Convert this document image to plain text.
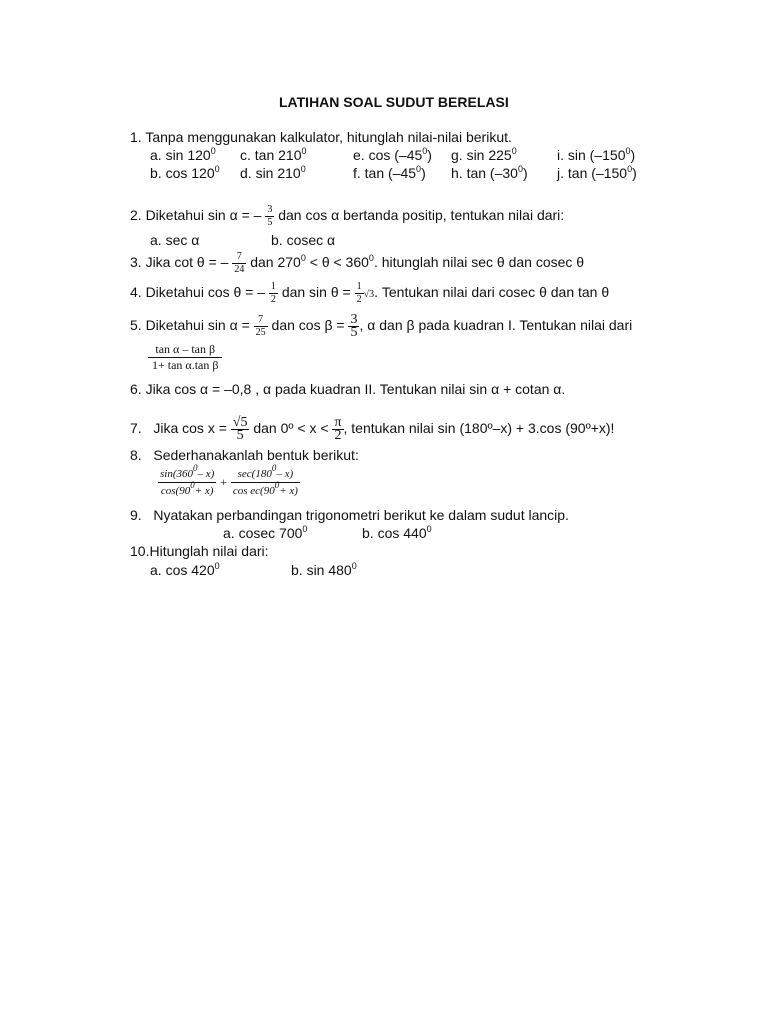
LATIHAN SOAL SUDUT BERELASI
1. Tanpa menggunakan kalkulator, hitunglah nilai-nilai berikut.
a. $\sin 120^0$ c. $\tan 210^0$	e. $\cos (-45^0)$ g. $\sin 225^0$	i. $\sin (-150^0)$
b. $\cos 120^0$ d. $\sin 210^0$	f. $\tan (-45^0)$ h. $\tan (-30^0)$ j. $\tan (-150^0)$
2. Diketahui sin α = – $\frac{3}{5}$ dan cos α bertanda positip, tentukan nilai dari:
a. sec α	b. cosec α
3. Jika cot θ = – $\frac{7}{24}$ dan $270^0 < \theta < 360^0$. hitunglah nilai sec θ dan cosec θ
4. Diketahui cos θ = – $\frac{1}{2}$ dan $\sin \theta = \frac{1}{2} √3$. Tentukan nilai dari cosec θ dan tan θ
5. Diketahui $\sin \alpha = \frac{7}{25}$ dan $\cos \beta = \frac{3}{5}$ , α dan β pada kuadran I. Tentukan nilai dari
$\frac{\text{tan α – tan β}}{\text{1+ tan α.tan β}}$
6. Jika cos α = –0,8 , α pada kuadran II. Tentukan nilai sin α + cotan α.
7. Jika $\cos x = \frac{√5}{5}$ dan 0º < $x < \frac{\pi}{2}$ , tentukan nilai sin (180º–x) + 3.cos (90º+x)!
8. Sederhanakanlah bentuk berikut:
$\frac{\sin(360^0- x)}{\cos(90^0+ x)} + \frac{\sec(180^0- x)}{\cos ec(90^0+ x)}$
9. Nyatakan perbandingan trigonometri berikut ke dalam sudut lancip.
a. cosec $700^0$	b. $\cos 440^0$
10.Hitunglah nilai dari:
a. $\cos 420^0$	b. $\sin 480^0$
